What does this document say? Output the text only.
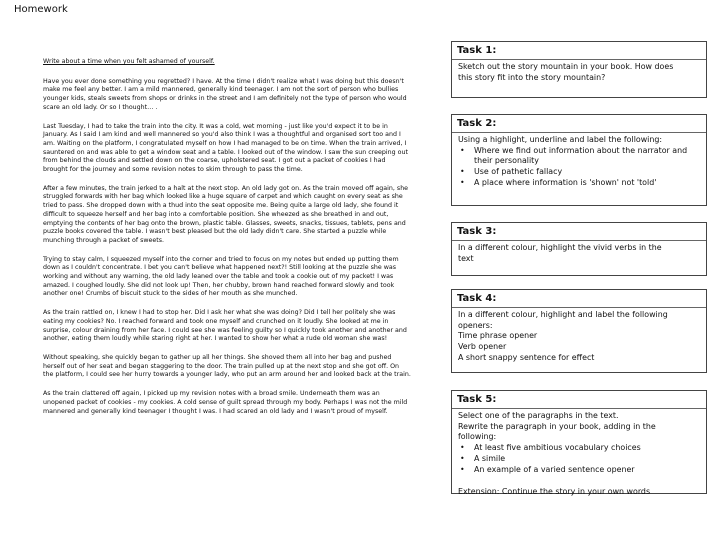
Homework
Write about a time when you felt ashamed of yourself.

Have you ever done something you regretted? I have. At the time I didn't realize what I was doing but this doesn't make me feel any better. I am a mild mannered, generally kind teenager. I am not the sort of person who bullies younger kids, steals sweets from shops or drinks in the street and I am definitely not the type of person who would scare an old lady. Or so I thought… .

Last Tuesday, I had to take the train into the city. It was a cold, wet morning - just like you'd expect it to be in January. As I said I am kind and well mannered so you'd also think I was a thoughtful and organised sort too and I am. Waiting on the platform, I congratulated myself on how I had managed to be on time. When the train arrived, I sauntered on and was able to get a window seat and a table. I looked out of the window. I saw the sun creeping out from behind the clouds and settled down on the coarse, upholstered seat. I got out a packet of cookies I had brought for the journey and some revision notes to skim through to pass the time.

After a few minutes, the train jerked to a halt at the next stop. An old lady got on. As the train moved off again, she struggled forwards with her bag which looked like a huge square of carpet and which caught on every seat as she tried to pass. She dropped down with a thud into the seat opposite me. Being quite a large old lady, she found it difficult to squeeze herself and her bag into a comfortable position. She wheezed as she breathed in and out, emptying the contents of her bag onto the brown, plastic table. Glasses, sweets, snacks, tissues, tablets, pens and puzzle books covered the table. I wasn't best pleased but the old lady didn't care. She started a puzzle while munching through a packet of sweets.

Trying to stay calm, I squeezed myself into the corner and tried to focus on my notes but ended up putting them down as I couldn't concentrate. I bet you can't believe what happened next?! Still looking at the puzzle she was working and without any warning, the old lady leaned over the table and took a cookie out of my packet! I was amazed. I coughed loudly. She did not look up! Then, her chubby, brown hand reached forward slowly and took another one! Crumbs of biscuit stuck to the sides of her mouth as she munched.

As the train rattled on, I knew I had to stop her. Did I ask her what she was doing? Did I tell her politely she was eating my cookies? No. I reached forward and took one myself and crunched on it loudly. She looked at me in surprise, colour draining from her face. I could see she was feeling guilty so I quickly took another and another and another, eating them loudly while staring right at her. I wanted to show her what a rude old woman she was!

Without speaking, she quickly began to gather up all her things. She shoved them all into her bag and pushed herself out of her seat and began staggering to the door. The train pulled up at the next stop and she got off. On the platform, I could see her hurry towards a younger lady, who put an arm around her and looked back at the train.

As the train clattered off again, I picked up my revision notes with a broad smile. Underneath them was an unopened packet of cookies - my cookies. A cold sense of guilt spread through my body. Perhaps I was not the mild mannered and generally kind teenager I thought I was. I had scared an old lady and I wasn't proud of myself.

Task 1:
Sketch out the story mountain in your book. How does
this story fit into the story mountain?
Task 2:
Using a highlight, underline and label the following:
• Where we find out information about the narrator and their personality
• Use of pathetic fallacy
• A place where information is 'shown' not 'told'
Task 3:
In a different colour, highlight the vivid verbs in the
text
Task 4:
In a different colour, highlight and label the following
openers:
Time phrase opener
Verb opener
A short snappy sentence for effect
Task 5:
Select one of the paragraphs in the text.
Rewrite the paragraph in your book, adding in the
following:
• At least five ambitious vocabulary choices
• A simile
• An example of a varied sentence opener
Extension: Continue the story in your own words
